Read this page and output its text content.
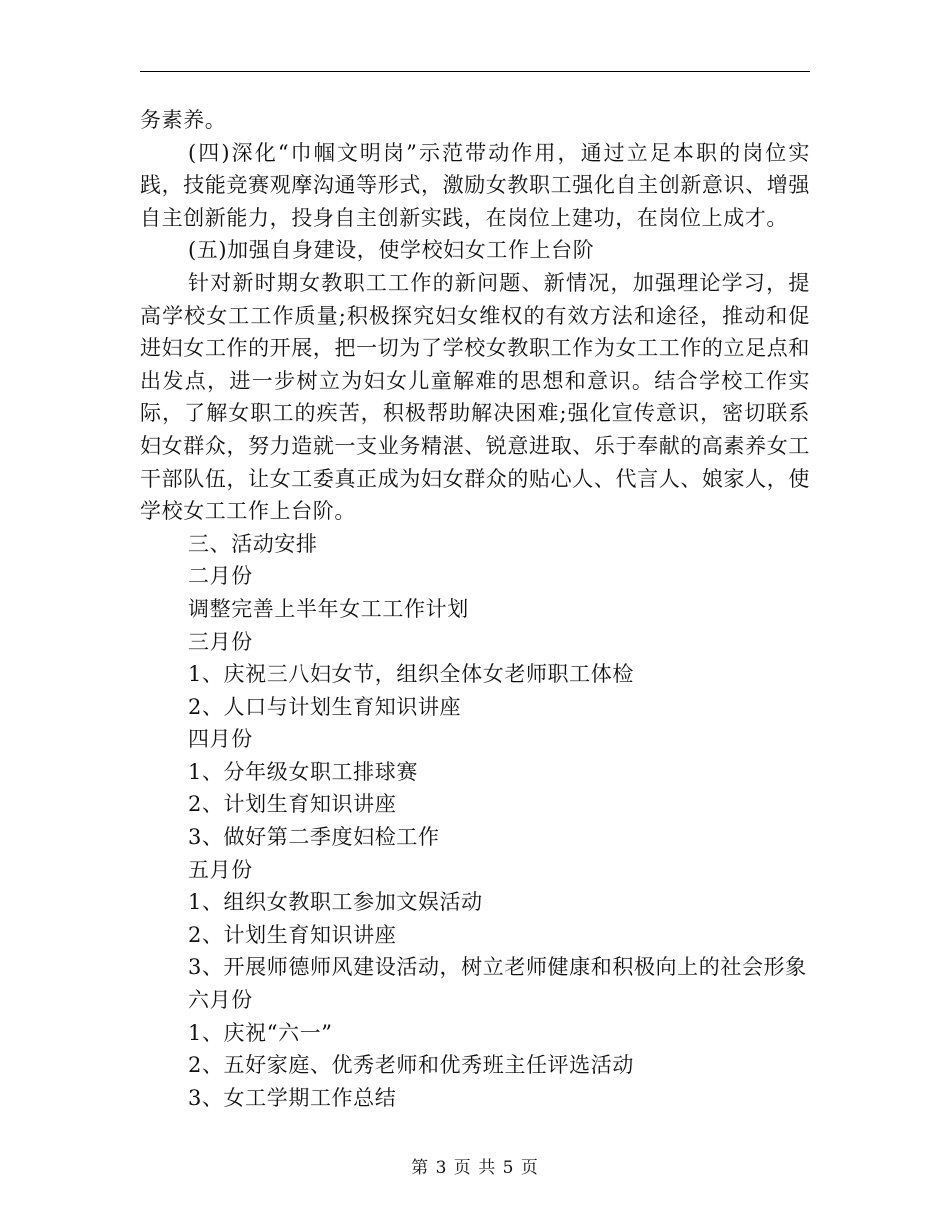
务素养。

(四)深化“巾帼文明岗”示范带动作用，通过立足本职的岗位实践，技能竞赛观摩沟通等形式，激励女教职工强化自主创新意识、增强自主创新能力，投身自主创新实践，在岗位上建功，在岗位上成才。

(五)加强自身建设，使学校妇女工作上台阶

针对新时期女教职工工作的新问题、新情况，加强理论学习，提高学校女工工作质量;积极探究妇女维权的有效方法和途径，推动和促进妇女工作的开展，把一切为了学校女教职工作为女工工作的立足点和出发点，进一步树立为妇女儿童解难的思想和意识。结合学校工作实际，了解女职工的疾苦，积极帮助解决困难;强化宣传意识，密切联系妇女群众，努力造就一支业务精湛、锐意进取、乐于奉献的高素养女工干部队伍，让女工委真正成为妇女群众的贴心人、代言人、娘家人，使学校女工工作上台阶。

三、活动安排

二月份

调整完善上半年女工工作计划

三月份

1、庆祝三八妇女节，组织全体女老师职工体检

2、人口与计划生育知识讲座

四月份

1、分年级女职工排球赛

2、计划生育知识讲座

3、做好第二季度妇检工作

五月份

1、组织女教职工参加文娱活动

2、计划生育知识讲座

3、开展师德师风建设活动，树立老师健康和积极向上的社会形象

六月份

1、庆祝“六一”

2、五好家庭、优秀老师和优秀班主任评选活动

3、女工学期工作总结

第 3 页 共 5 页
